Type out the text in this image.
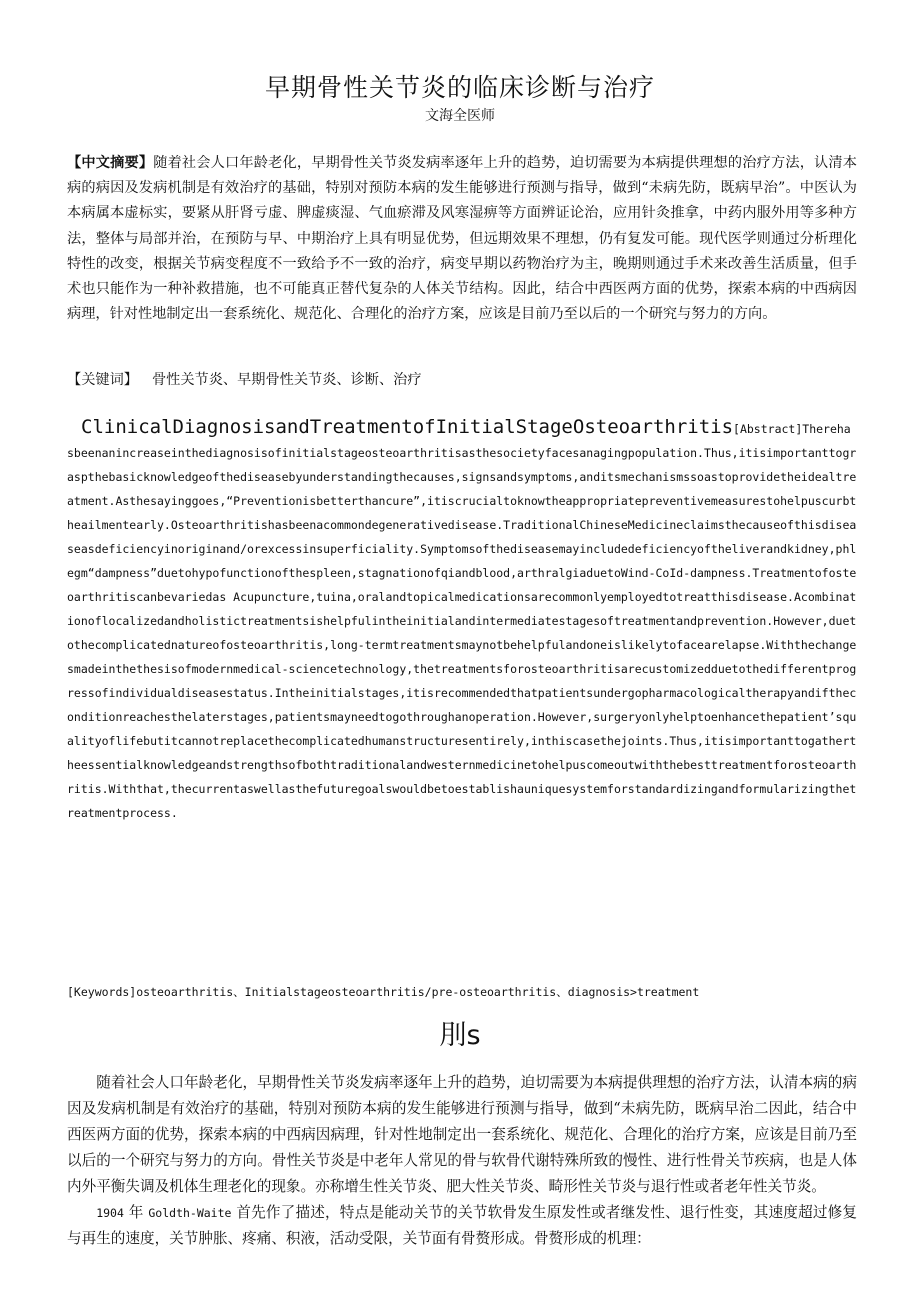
早期骨性关节炎的临床诊断与治疗
文海全医师
【中文摘要】随着社会人口年龄老化，早期骨性关节炎发病率逐年上升的趋势，迫切需要为本病提供理想的治疗方法，认清本病的病因及发病机制是有效治疗的基础，特别对预防本病的发生能够进行预测与指导，做到“未病先防，既病早治”。中医认为本病属本虚标实，要紧从肝肾亏虚、脾虚痰湿、气血瘀滞及风寒湿痹等方面辨证论治，应用针灸推拿，中药内服外用等多种方法，整体与局部并治，在预防与早、中期治疗上具有明显优势，但远期效果不理想，仍有复发可能。现代医学则通过分析理化特性的改变，根据关节病变程度不一致给予不一致的治疗，病变早期以药物治疗为主，晚期则通过手术来改善生活质量，但手术也只能作为一种补救措施，也不可能真正替代复杂的人体关节结构。因此，结合中西医两方面的优势，探索本病的中西病因病理，针对性地制定出一套系统化、规范化、合理化的治疗方案，应该是目前乃至以后的一个研究与努力的方向。
【关键词】 骨性关节炎、早期骨性关节炎、诊断、治疗
ClinicalDiagnosisandTreatmentofInitialStageOsteoarthritis[Abstract]Therehasbeenanincreaseinthediagnosisofinitialstageosteoarthritisasthesocietyfacesanagingpopulation.Thus,itisimportanttograspthebasicknowledgeofthediseasebyunderstandingthecauses,signsandsymptoms,anditsmechanismssoastoprovidetheidealtreatment.Asthesayinggoes,“Preventionisbetterthancure”,itiscrucialtoknowtheappropriatepreventivemeasurestohelpuscurbtheailmentearly.Osteoarthritishasbeenacommondegenerativedisease.TraditionalChineseMedicineclaimsthecauseofthisdiseaseasdeficiencyinoriginand/orexcessinsuperficiality.Symptomsofthediseasemayincludedeficiencyoftheliverandkidney,phlegm“dampness”duetohypofunctionofthespleen,stagnationofqiandblood,arthralgiaduetoWind-CoId-dampness.Treatmentofosteoarthritiscanbevariedas Acupuncture,tuina,oralandtopicalmedicationsarecommonlyemployedtotreatthisdisease.Acombinationoflocalizedandholistictreatmentsishelpfulintheinitialandintermediatestagesoftreatmentandprevention.However,duetothecomplicatednatureofosteoarthritis,long-termtreatmentsmaynotbehelpfulandoneislikelytofacearelapse.Withthechangesmadeinthethesisofmodernmedical-sciencetechnology,thetreatmentsforosteoarthritisarecustomizedduetothedifferentprogressofindividualdiseasestatus.Intheinitialstages,itisrecommendedthatpatientsundergopharmacologicaltherapyandiftheconditionreachesthelaterstages,patientsmayneedtogothroughanoperation.However,surgeryonlyhelptoenhancethepatient’squalityoflifebutitcannotreplacethecomplicatedhumanstructuresentirely,inthiscasethejoints.Thus,itisimportanttogathertheessentialknowledgeandstrengthsofbothtraditionalandwesternmedicinetohelpuscomeoutwiththebesttreatmentforosteoarthritis.Withthat,thecurrentaswellasthefuturegoalswouldbetoestablishauniquesystemforstandardizingandformularizingthetreatmentprocess.
[Keywords]osteoarthritis、Initialstageosteoarthritis/pre-osteoarthritis、diagnosis>treatment
刖s

随着社会人口年龄老化，早期骨性关节炎发病率逐年上升的趋势，迫切需要为本病提供理想的治疗方法，认清本病的病因及发病机制是有效治疗的基础，特别对预防本病的发生能够进行预测与指导，做到“未病先防，既病早治二因此，结合中西医两方面的优势，探索本病的中西病因病理，针对性地制定出一套系统化、规范化、合理化的治疗方案，应该是目前乃至以后的一个研究与努力的方向。骨性关节炎是中老年人常见的骨与软骨代谢特殊所致的慢性、进行性骨关节疾病，也是人体内外平衡失调及机体生理老化的现象。亦称增生性关节炎、肥大性关节炎、畸形性关节炎与退行性或者老年性关节炎。

1904 年 Goldth-Waite 首先作了描述，特点是能动关节的关节软骨发生原发性或者继发性、退行性变，其速度超过修复与再生的速度，关节肿胀、疼痛、积液，活动受限，关节面有骨赘形成。骨赘形成的机理：
